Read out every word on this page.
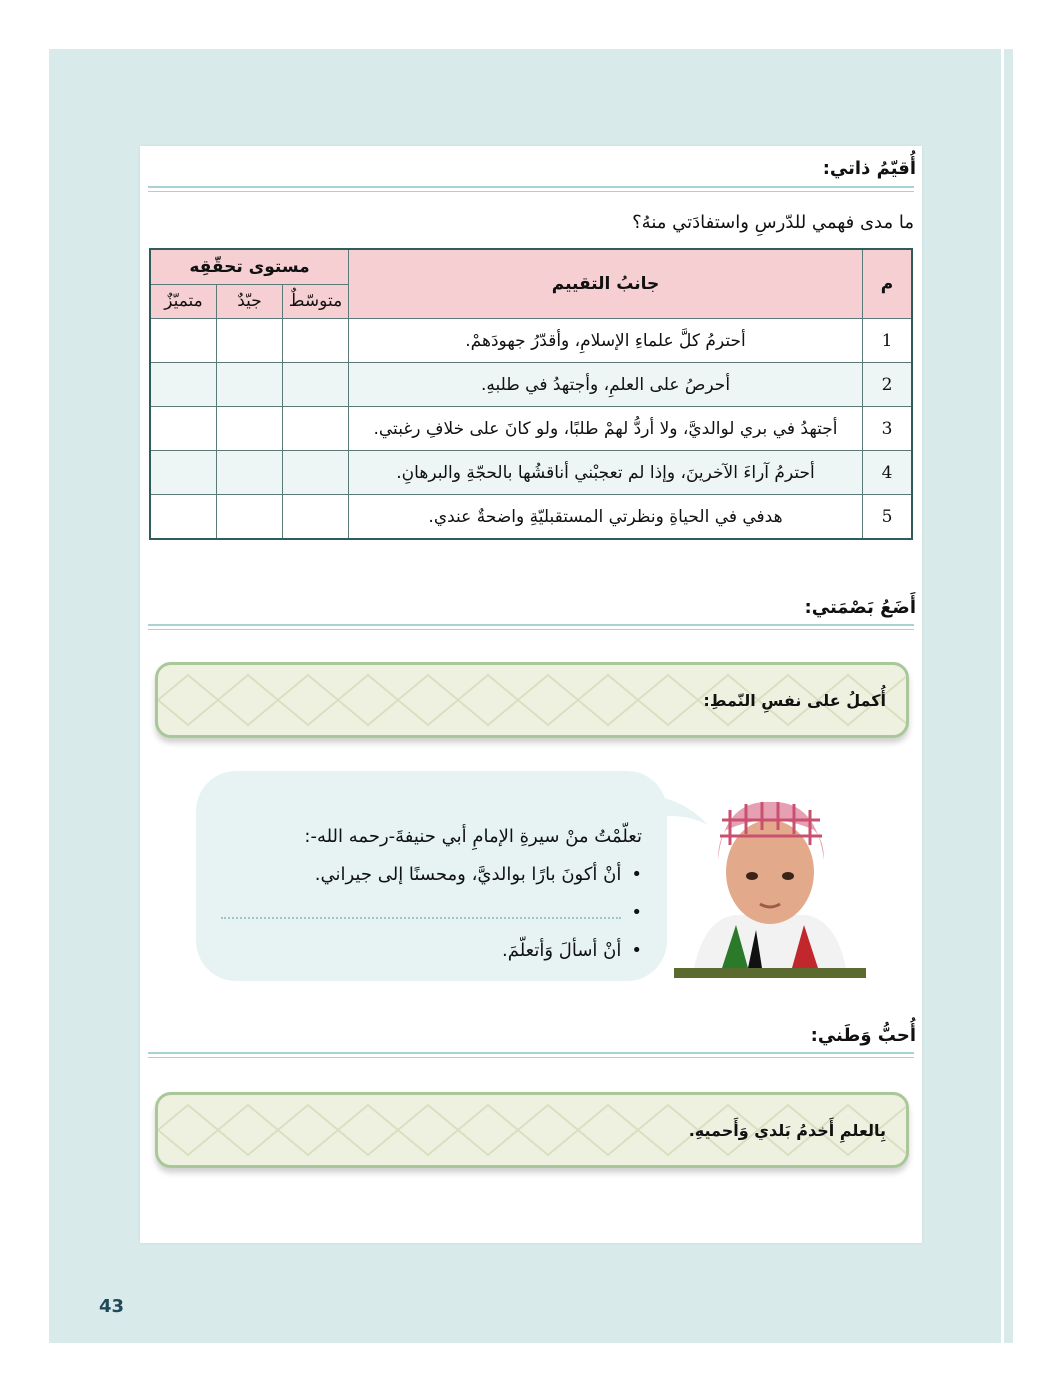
أُقيّمُ ذاتي:
ما مدى فهمي للدّرسِ واستفادَتي منهُ؟
م	جانبُ التقييم	مستوى تحقّقِه		
		متوسّطٌ	جيّدٌ	متميّزٌ
1	أحترمُ كلَّ علماءِ الإسلامِ، وأقدّرُ جهودَهمْ.			
2	أحرصُ على العلمِ، وأجتهدُ في طلبهِ.			
3	أجتهدُ في بري لوالديَّ، ولا أردُّ لهمْ طلبًا، ولو كانَ على خلافِ رغبتي.			
4	أحترمُ آراءَ الآخرينَ، وإذا لم تعجبْني أناقشُها بالحجّةِ والبرهانِ.			
5	هدفي في الحياةِ ونظرتي المستقبليّةِ واضحةٌ عندي.			
أَضَعُ بَصْمَتي:
أُكملُ على نفسِ النّمطِ:
تعلّمْتُ منْ سيرةِ الإمامِ أبي حنيفةَ-رحمه الله-:
•أنْ أكونَ بارًا بوالديَّ، ومحسنًا إلى جيراني.
•
•أنْ أسألَ وَأتعلّمَ.
أُحبُّ وَطَني:
بِالعلمِ أَخدمُ بَلدي وَأَحميهِ.
43
